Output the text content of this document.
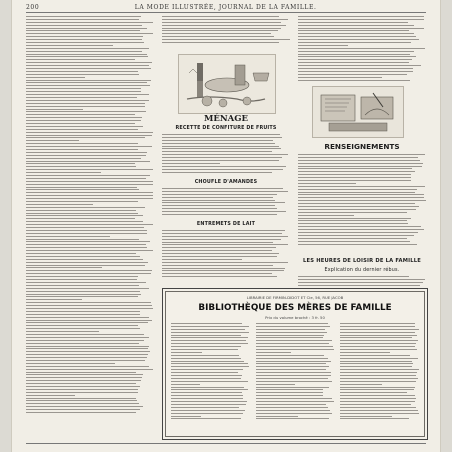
200	LA MODE ILLUSTRÉE, JOURNAL DE LA FAMILLE.
MÉNAGE
RECETTE DE CONFITURE DE FRUITS
CHOUFLE D'AMANDES
ENTREMETS DE LAIT
RENSEIGNEMENTS
LES HEURES DE LOISIR DE LA FAMILLE
Explication du dernier rébus.
LIBRAIRIE DE FIRMIN-DIDOT ET Cie, 56, RUE JACOB
BIBLIOTHÈQUE DES MÈRES DE FAMILLE
Prix du volume broché : 3 fr. 50
